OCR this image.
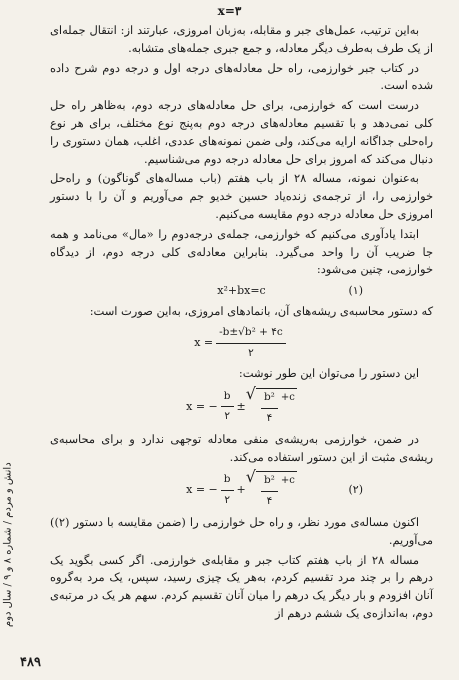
x=۳

به‌این ترتیب، عمل‌های جبر و مقابله، به‌زبان امروزی، عبارتند از: انتقال جمله‌ای از یک طرف به‌طرف دیگر معادله، و جمع جبری جمله‌های متشابه.

در کتاب جبر خوارزمی، راه حل معادله‌های درجه اول و درجه دوم شرح داده شده است.

درست است که خوارزمی، برای حل معادله‌های درجه دوم، به‌ظاهر راه حل کلی نمی‌دهد و با تقسیم معادله‌های درجه دوم به‌پنج نوع مختلف، برای هر نوع راه‌حلی جداگانه ارایه می‌کند، ولی ضمن نمونه‌های عددی، اغلب، همان دستوری را دنبال می‌کند که امروز برای حل معادله درجه دوم می‌شناسیم.

به‌عنوان نمونه، مساله ۲۸ از باب هفتم (باب مساله‌های گوناگون) و راه‌حل خوارزمی را، از ترجمه‌ی زنده‌یاد حسین خدیو جم می‌آوریم و آن را با دستور امروزی حل معادله درجه دوم مقایسه می‌کنیم.

ابتدا یادآوری می‌کنیم که خوارزمی، جمله‌ی درجه‌دوم را «مال» می‌نامد و همه جا ضریب آن را واحد می‌گیرد. بنابراین معادله‌ی کلی درجه دوم، از دیدگاه خوارزمی، چنین می‌شود:

x²+bx=c	(۱)

که دستور محاسبه‌ی ریشه‌های آن، بانمادهای امروزی، به‌این صورت است:

$x = \frac{\text{-b±√b² + ۴c}}{۲}$

این دستور را می‌توان این طور نوشت:

x = − $\frac{b}{۲}$ ±
√ $\frac{\text{b²}}{۴} +c$

در ضمن، خوارزمی به‌ریشه‌ی منفی معادله توجهی ندارد و برای محاسبه‌ی ریشه‌ی مثبت از این دستور استفاده می‌کند.

x = − $\frac{b}{۲}$ +
√ $\frac{\text{b²}}{۴} +c$
(۲)

اکنون مساله‌ی مورد نظر، و راه حل خوارزمی را (ضمن مقایسه با دستور (۲)) می‌آوریم.

مساله ۲۸ از باب هفتم کتاب جبر و مقابله‌ی خوارزمی. اگر کسی بگوید یک درهم را بر چند مرد تقسیم کردم، به‌هر یک چیزی رسید، سپس، یک مرد به‌گروه آنان افزودم و بار دیگر یک درهم را میان آنان تقسیم کردم. سهم هر یک در مرتبه‌ی دوم، به‌اندازه‌ی یک ششم درهم از

دانش و مردم / شماره ۸ و ۹ / سال دوم
۴۸۹
